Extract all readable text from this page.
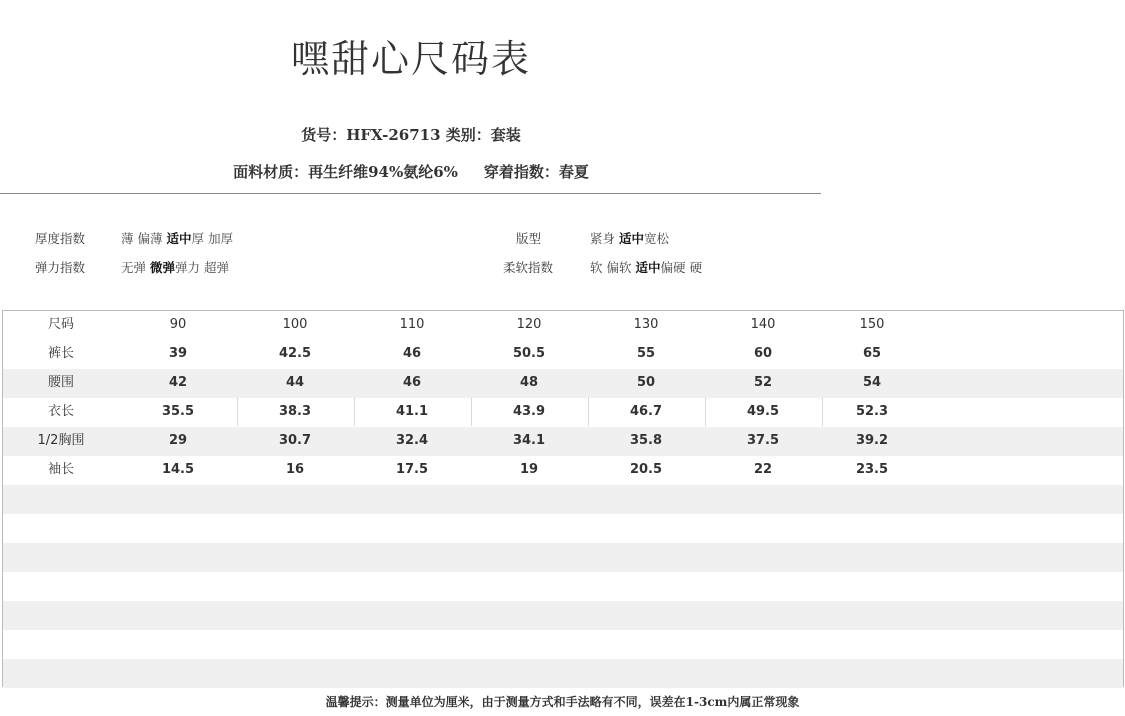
嘿甜心尺码表
货号：HFX-26713 类别：套装
面料材质：再生纤维94%氨纶6% 穿着指数：春夏
厚度指数	薄 偏薄 适中厚 加厚
弹力指数	无弹 微弹弹力 超弹
版型	紧身 适中宽松
柔软指数	软 偏软 适中偏硬 硬
尺码	90	100	110	120	130	140	150
裤长	39	42.5	46	50.5	55	60	65
腰围	42	44	46	48	50	52	54
衣长	35.5	38.3	41.1	43.9	46.7	49.5	52.3
1/2胸围	29	30.7	32.4	34.1	35.8	37.5	39.2
袖长	14.5	16	17.5	19	20.5	22	23.5
温馨提示：测量单位为厘米，由于测量方式和手法略有不同，误差在1-3cm内属正常现象
